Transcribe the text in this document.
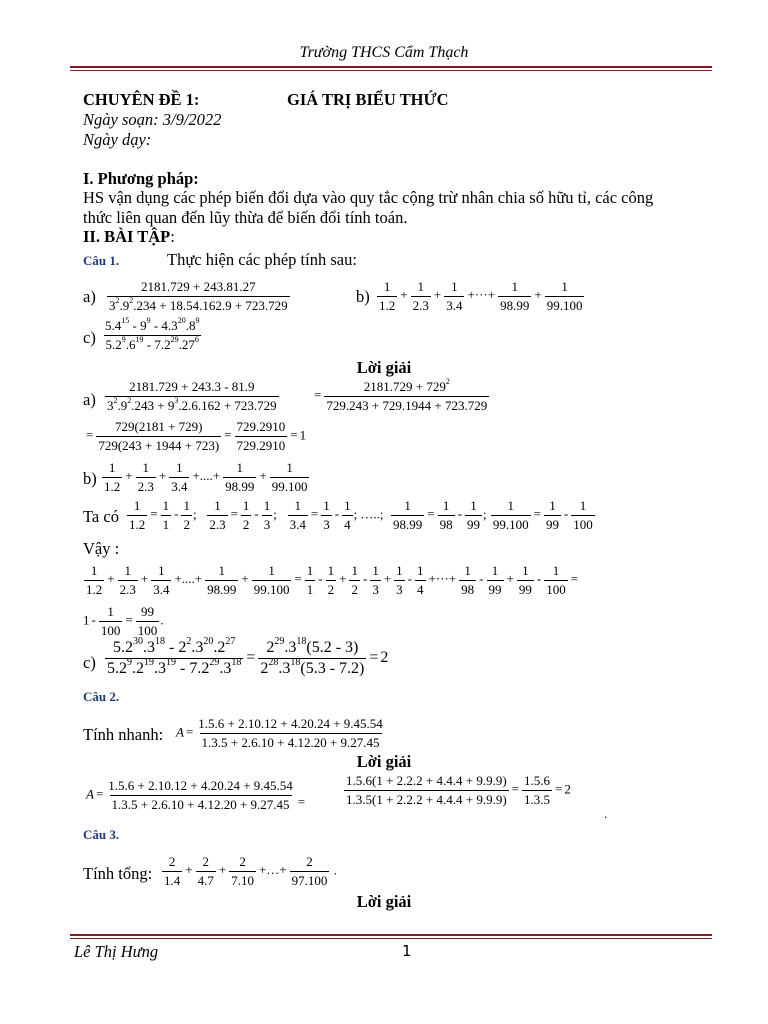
Trường THCS Cẩm Thạch
CHUYÊN ĐỀ 1:	GIÁ TRỊ BIỂU THỨC
Ngày soạn: 3/9/2022
Ngày dạy:
I. Phương pháp:
HS vận dụng các phép biến đổi dựa vào quy tắc cộng trừ nhân chia số hữu tỉ, các công
thức liên quan đến lũy thừa để biến đổi tính toán.
II. BÀI TẬP:
Câu 1.	Thực hiện các phép tính sau:
$a) \frac{2181.729 + 243.81.27}{3^2.9^2.234 + 18.54.162.9 + 723.729}$	$b) \frac{1}{1.2} + \frac{1}{2.3} + \frac{1}{3.4}$ +···+ $\frac{1}{98.99} + \frac{1}{99.100}$
$c) \frac{5.4^{15} - 9^9 - 4.3^{20}.8^9}{5.2^9.6^{19} - 7.2^{29}.27^6}$
Lời giải
$a) \frac{2181.729 + 243.3 - 81.9}{3^2.9^2.243 + 9^3.2.6.162 + 723.729}$	= $\frac{2181.729 + 729^2}{729.243 + 729.1944 + 723.729}$
= $\frac{729(2181 + 729)}{729(243 + 1944 + 723)} = \frac{729.2910}{729.2910} = 1$
$b) \frac{1}{1.2} + \frac{1}{2.3} + \frac{1}{3.4}$ +....+ $\frac{1}{98.99} + \frac{1}{99.100}$
Ta có $\frac{1}{1.2} = \frac{1}{1} - \frac{1}{2}$ ; $\frac{1}{2.3} = \frac{1}{2} - \frac{1}{3}$ ; $\frac{1}{3.4} = \frac{1}{3} - \frac{1}{4}$ ; …..; $\frac{1}{98.99} = \frac{1}{98} - \frac{1}{99}$ ; $\frac{1}{99.100} = \frac{1}{99} - \frac{1}{100}$
Vậy :
$\frac{1}{1.2} + \frac{1}{2.3} + \frac{1}{3.4}$ +....+ $\frac{1}{98.99} + \frac{1}{99.100} = \frac{1}{1} - \frac{1}{2} + \frac{1}{2} - \frac{1}{3} + \frac{1}{3} - \frac{1}{4}$ +···+ $\frac{1}{98} - \frac{1}{99} + \frac{1}{99} - \frac{1}{100}$ =
$1 - \frac{1}{100} = \frac{99}{100}$ .
$c) \frac{5.2^{30}.3^{18} - 2^2.3^{20}.2^{27}}{5.2^9.2^{19}.3^{19} - 7.2^{29}.3^{18}} = \frac{2^{29}.3^{18}(5.2 - 3)}{2^{28}.3^{18}(5.3 - 7.2)} = 2$
Câu 2.
Tính nhanh: $A = \frac{1.5.6 + 2.10.12 + 4.20.24 + 9.45.54}{1.3.5 + 2.6.10 + 4.12.20 + 9.27.45}$
Lời giải
$A = \frac{1.5.6 + 2.10.12 + 4.20.24 + 9.45.54}{1.3.5 + 2.6.10 + 4.12.20 + 9.27.45}$ =	$\frac{1.5.6(1 + 2.2.2 + 4.4.4 + 9.9.9)}{1.3.5(1 + 2.2.2 + 4.4.4 + 9.9.9)} = \frac{1.5.6}{1.3.5} = 2$
.
Câu 3.
Tính tổng: $\frac{2}{1.4} + \frac{2}{4.7} + \frac{2}{7.10}$ +…+ $\frac{2}{97.100}$ .
Lời giải
Lê Thị Hưng	1
